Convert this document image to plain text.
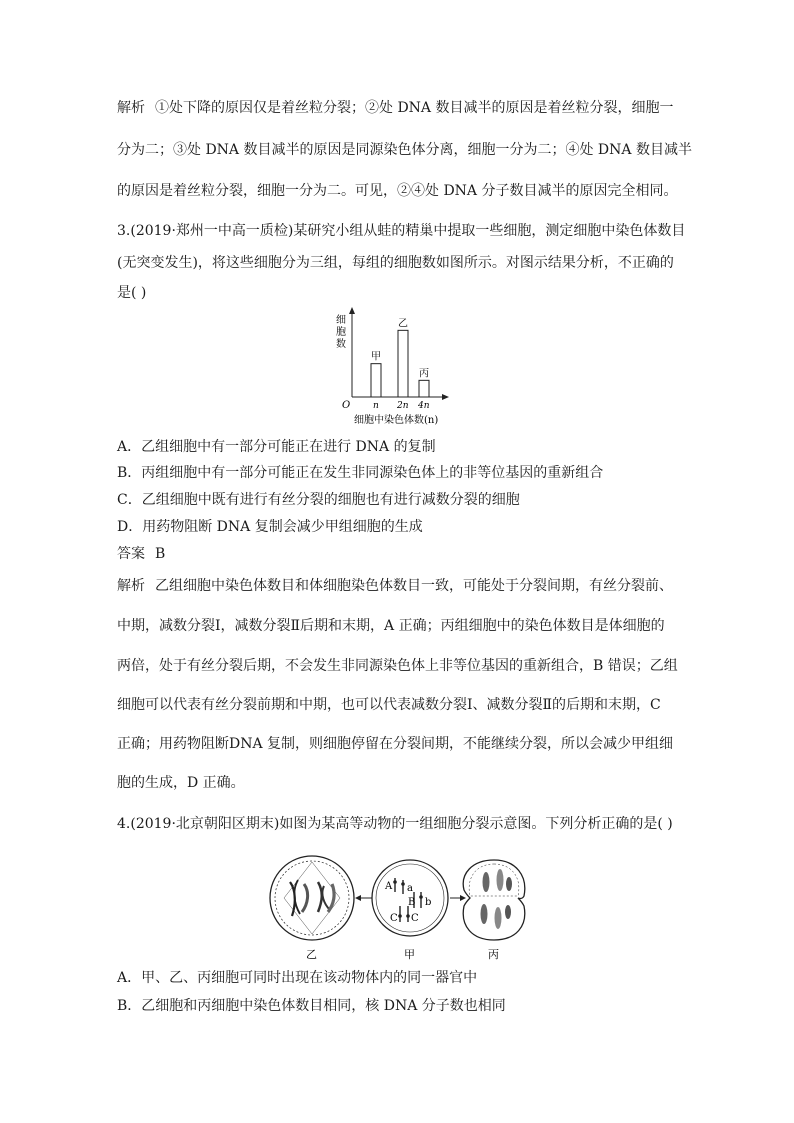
解析 ①处下降的原因仅是着丝粒分裂；②处 DNA 数目减半的原因是着丝粒分裂，细胞一
分为二；③处 DNA 数目减半的原因是同源染色体分离，细胞一分为二；④处 DNA 数目减半
的原因是着丝粒分裂，细胞一分为二。可见，②④处 DNA 分子数目减半的原因完全相同。
3.(2019·郑州一中高一质检)某研究小组从蛙的精巢中提取一些细胞，测定细胞中染色体数目
(无突变发生)，将这些细胞分为三组，每组的细胞数如图所示。对图示结果分析，不正确的
是( )
O
细
胞
数
甲
n
乙
2n
丙
4n
细胞中染色体数(n)
A．乙组细胞中有一部分可能正在进行 DNA 的复制
B．丙组细胞中有一部分可能正在发生非同源染色体上的非等位基因的重新组合
C．乙组细胞中既有进行有丝分裂的细胞也有进行减数分裂的细胞
D．用药物阻断 DNA 复制会减少甲组细胞的生成
答案 B
解析 乙组细胞中染色体数目和体细胞染色体数目一致，可能处于分裂间期，有丝分裂前、
中期，减数分裂Ⅰ，减数分裂Ⅱ后期和末期，A 正确；丙组细胞中的染色体数目是体细胞的
两倍，处于有丝分裂后期，不会发生非同源染色体上非等位基因的重新组合，B 错误；乙组
细胞可以代表有丝分裂前期和中期，也可以代表减数分裂Ⅰ、减数分裂Ⅱ的后期和末期，C
正确；用药物阻断DNA 复制，则细胞停留在分裂间期，不能继续分裂，所以会减少甲组细
胞的生成，D 正确。
4.(2019·北京朝阳区期末)如图为某高等动物的一组细胞分裂示意图。下列分析正确的是( )
A a
B b
C C
乙	甲	丙
A．甲、乙、丙细胞可同时出现在该动物体内的同一器官中
B．乙细胞和丙细胞中染色体数目相同，核 DNA 分子数也相同
